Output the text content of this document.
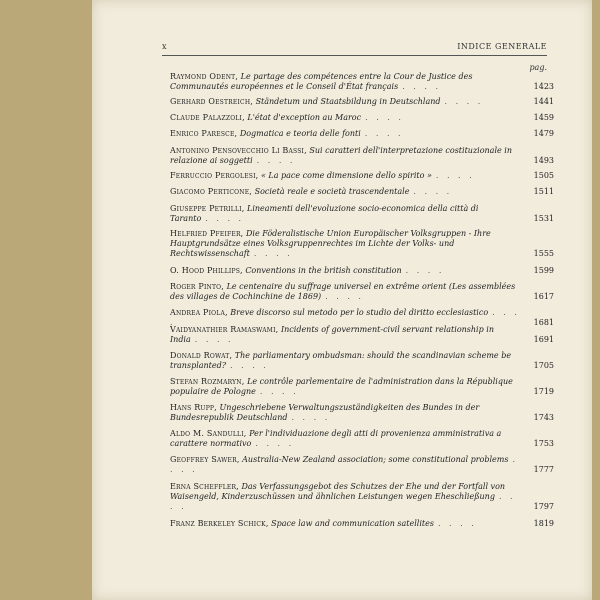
x	INDICE GENERALE
pag.
Raymond Odent, Le partage des compétences entre la Cour de Justice des Communautés européennes et le Conseil d'État français . . . .	1423
Gerhard Oestreich, Ständetum und Staatsbildung in Deutschland . . . .	1441
Claude Palazzoli, L'état d'exception au Maroc . . . .	1459
Enrico Paresce, Dogmatica e teoria delle fonti . . . .	1479
Antonino Pensovecchio Li Bassi, Sui caratteri dell'interpretazione costituzionale in relazione ai soggetti . . . .	1493
Ferruccio Pergolesi, « La pace come dimensione dello spirito » . . . .	1505
Giacomo Perticone, Società reale e società trascendentale . . . .	1511
Giuseppe Petrilli, Lineamenti dell'evoluzione socio-economica della città di Taranto . . . .	1531
Helfried Pfeifer, Die Föderalistische Union Europäischer Volksgruppen - Ihre Hauptgrundsätze eines Volksgruppenrechtes im Lichte der Volks- und Rechtswissenschaft . . . .	1555
O. Hood Phillips, Conventions in the british constitution . . . .	1599
Roger Pinto, Le centenaire du suffrage universel en extrême orient (Les assemblées des villages de Cochinchine de 1869) . . . .	1617
Andrea Piola, Breve discorso sul metodo per lo studio del diritto ecclesiastico . . . .	1681
Vaidyanathier Ramaswami, Incidents of government-civil servant relationship in India . . . .	1691
Donald Rowat, The parliamentary ombudsman: should the scandinavian scheme be transplanted? . . . .	1705
Stefan Rozmaryn, Le contrôle parlementaire de l'administration dans la République populaire de Pologne . . . .	1719
Hans Rupp, Ungeschriebene Verwaltungszuständigkeiten des Bundes in der Bundesrepublik Deutschland . . . .	1743
Aldo M. Sandulli, Per l'individuazione degli atti di provenienza amministrativa a carattere normativo . . . .	1753
Geoffrey Sawer, Australia-New Zealand association; some constitutional problems . . . .	1777
Erna Scheffler, Das Verfassungsgebot des Schutzes der Ehe und der Fortfall von Waisengeld, Kinderzuschüssen und ähnlichen Leistungen wegen Eheschließung . . . .	1797
Franz Berkeley Schick, Space law and communication satellites . . . .	1819
